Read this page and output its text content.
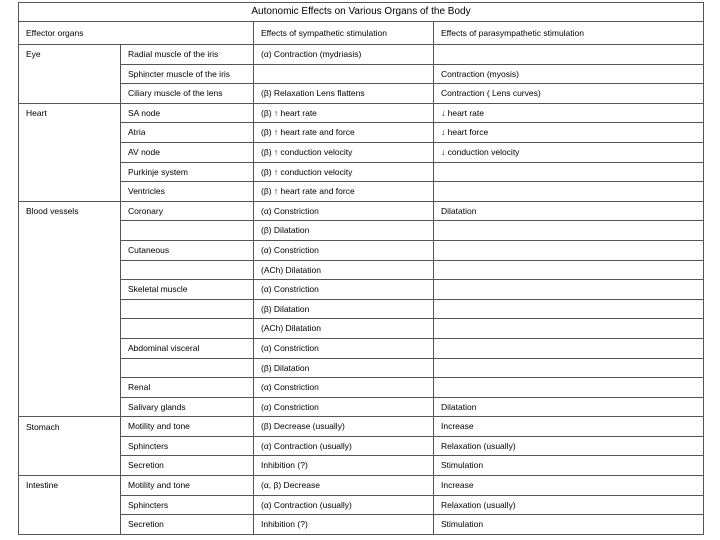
Autonomic Effects on Various Organs of the Body			
Effector organs		Effects of sympathetic stimulation	Effects of parasympathetic stimulation
Eye	Radial muscle of the iris	(α) Contraction (mydriasis)	
	Sphincter muscle of the iris		Contraction (myosis)
	Ciliary muscle of the lens	(β) Relaxation Lens flattens	Contraction ( Lens curves)
Heart	SA node	(β) ↑ heart rate	↓ heart rate
	Atria	(β) ↑ heart rate and force	↓ heart force
	AV node	(β) ↑ conduction velocity	↓ conduction velocity
	Purkinje system	(β) ↑ conduction velocity	
	Ventricles	(β) ↑ heart rate and force	
Blood vessels	Coronary	(α) Constriction	Dilatation
		(β) Dilatation	
	Cutaneous	(α) Constriction	
		(ACh) Dilatation	
	Skeletal muscle	(α) Constriction	
		(β) Dilatation	
		(ACh) Dilatation	
	Abdominal visceral	(α) Constriction	
		(β) Dilatation	
	Renal	(α) Constriction	
	Salivary glands	(α) Constriction	Dilatation
Stomach	Motility and tone	(β) Decrease (usually)	Increase
	Sphincters	(α) Contraction (usually)	Relaxation (usually)
	Secretion	Inhibition (?)	Stimulation
Intestine	Motility and tone	(α, β) Decrease	Increase
	Sphincters	(α) Contraction (usually)	Relaxation (usually)
	Secretion	Inhibition (?)	Stimulation
